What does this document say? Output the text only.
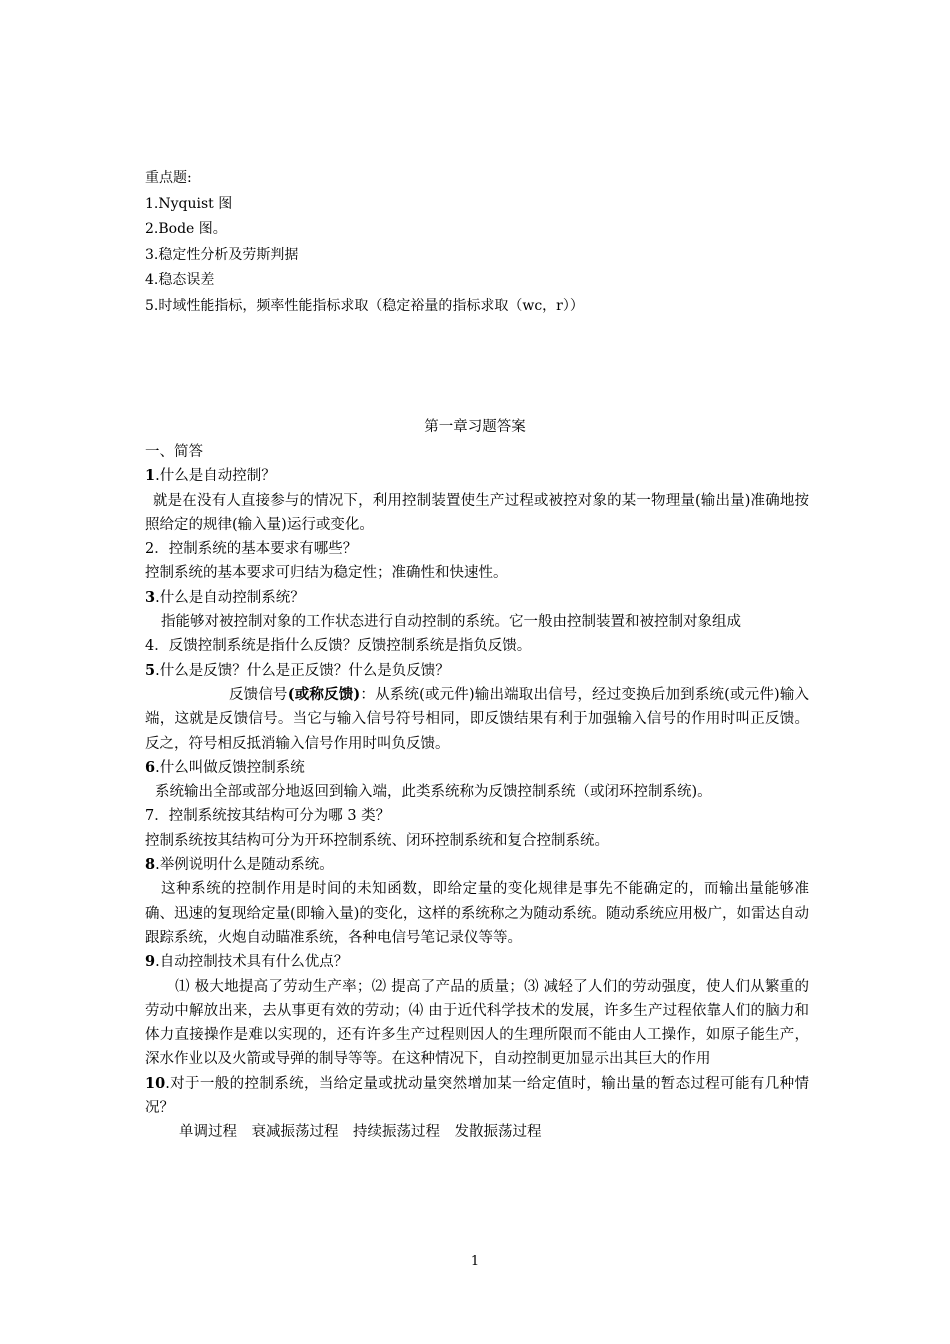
重点题:
1.Nyquist 图
2.Bode 图。
3.稳定性分析及劳斯判据
4.稳态误差
5.时域性能指标，频率性能指标求取（稳定裕量的指标求取（wc，r））
第一章习题答案

一、简答

1.什么是自动控制？

就是在没有人直接参与的情况下，利用控制装置使生产过程或被控对象的某一物理量(输出量)准确地按照给定的规律(输入量)运行或变化。

2．控制系统的基本要求有哪些？

控制系统的基本要求可归结为稳定性；准确性和快速性。

3.什么是自动控制系统？

指能够对被控制对象的工作状态进行自动控制的系统。它一般由控制装置和被控制对象组成

4．反馈控制系统是指什么反馈？反馈控制系统是指负反馈。

5.什么是反馈？什么是正反馈？什么是负反馈？

反馈信号(或称反馈)：从系统(或元件)输出端取出信号，经过变换后加到系统(或元件)输入端，这就是反馈信号。当它与输入信号符号相同，即反馈结果有利于加强输入信号的作用时叫正反馈。反之，符号相反抵消输入信号作用时叫负反馈。

6.什么叫做反馈控制系统

系统输出全部或部分地返回到输入端，此类系统称为反馈控制系统（或闭环控制系统)。

7．控制系统按其结构可分为哪 3 类？

控制系统按其结构可分为开环控制系统、闭环控制系统和复合控制系统。

8.举例说明什么是随动系统。

这种系统的控制作用是时间的未知函数，即给定量的变化规律是事先不能确定的，而输出量能够准确、迅速的复现给定量(即输入量)的变化，这样的系统称之为随动系统。随动系统应用极广，如雷达自动跟踪系统，火炮自动瞄准系统，各种电信号笔记录仪等等。

9.自动控制技术具有什么优点？

⑴ 极大地提高了劳动生产率；⑵ 提高了产品的质量；⑶ 减轻了人们的劳动强度，使人们从繁重的劳动中解放出来，去从事更有效的劳动；⑷ 由于近代科学技术的发展，许多生产过程依靠人们的脑力和体力直接操作是难以实现的，还有许多生产过程则因人的生理所限而不能由人工操作，如原子能生产，深水作业以及火箭或导弹的制导等等。在这种情况下，自动控制更加显示出其巨大的作用

10.对于一般的控制系统，当给定量或扰动量突然增加某一给定值时，输出量的暂态过程可能有几种情况？

单调过程　衰减振荡过程　持续振荡过程　发散振荡过程

1
